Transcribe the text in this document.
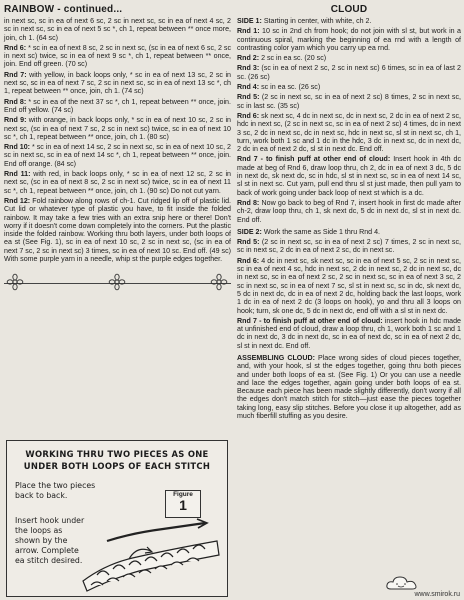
RAINBOW - continued...

in next sc, sc in ea of next 6 sc, 2 sc in next sc, sc in ea of next 4 sc, 2 sc in next sc, sc in ea of next 5 sc *, ch 1, repeat between ** once more, join, ch 1. (64 sc)

Rnd 6: * sc in ea of next 8 sc, 2 sc in next sc, (sc in ea of next 6 sc, 2 sc in next sc) twice, sc in ea of next 9 sc *, ch 1, repeat between ** once, join. End off green. (70 sc)

Rnd 7: with yellow, in back loops only, * sc in ea of next 13 sc, 2 sc in next sc, sc in ea of next 7 sc, 2 sc in next sc, sc in ea of next 13 sc *, ch 1, repeat between ** once, join, ch 1. (74 sc)

Rnd 8: * sc in ea of the next 37 sc *, ch 1, repeat between ** once, join. End off yellow. (74 sc)

Rnd 9: with orange, in back loops only, * sc in ea of next 10 sc, 2 sc in next sc, (sc in ea of next 7 sc, 2 sc in next sc) twice, sc in ea of next 10 sc *, ch 1, repeat between ** once, join, ch 1. (80 sc)

Rnd 10: * sc in ea of next 14 sc, 2 sc in next sc, sc in ea of next 10 sc, 2 sc in next sc, sc in ea of next 14 sc *, ch 1, repeat between ** once, join. End off orange. (84 sc)

Rnd 11: with red, in back loops only, * sc in ea of next 12 sc, 2 sc in next sc, (sc in ea of next 8 sc, 2 sc in next sc) twice, sc in ea of next 11 sc *, ch 1, repeat between ** once, join, ch 1. (90 sc) Do not cut yarn.

Rnd 12: Fold rainbow along rows of ch-1. Cut ridged lip off of plastic lid. Cut lid or whatever type of plastic you have, to fit inside the folded rainbow. It may take a few tries with an extra snip here or there! Don't worry if it doesn't come down completely into the corners. Put the plastic inside the folded rainbow. Working thru both layers, under both loops of ea st (See Fig. 1), sc in ea of next 10 sc, 2 sc in next sc, (sc in ea of next 7 sc, 2 sc in next sc) 3 times, sc in ea of next 10 sc. End off. (49 sc) With some purple yarn in a needle, whip st the purple edges together.

WORKING THRU TWO PIECES AS ONE
UNDER BOTH LOOPS OF EACH STITCH
Place the two pieces back to back.
Insert hook under the loops as shown by the arrow. Complete ea stitch desired.
Figure
1
CLOUD

SIDE 1: Starting in center, with white, ch 2.

Rnd 1: 10 sc in 2nd ch from hook; do not join with sl st, but work in a continuous spiral, marking the beginning of ea rnd with a length of contrasting color yarn which you carry up ea rnd.

Rnd 2: 2 sc in ea sc. (20 sc)

Rnd 3: (sc in ea of next 2 sc, 2 sc in next sc) 6 times, sc in ea of last 2 sc. (26 sc)

Rnd 4: sc in ea sc. (26 sc)

Rnd 5: (2 sc in next sc, sc in ea of next 2 sc) 8 times, 2 sc in next sc, sc in last sc. (35 sc)

Rnd 6: sk next sc, 4 dc in next sc, dc in next sc, 2 dc in ea of next 2 sc, hdc in next sc, (2 sc in next sc, sc in ea of next 2 sc) 4 times, dc in next 3 sc, 2 dc in next sc, dc in next sc, hdc in next sc, sl st in next sc, ch 1, turn, work both 1 sc and 1 dc in the hdc, 3 dc in next sc, dc in next dc, 2 dc in ea of next 2 dc, sl st in next dc. End off.

Rnd 7 - to finish puff at other end of cloud: Insert hook in 4th dc made at beg of Rnd 6, draw loop thru, ch 2, dc in ea of next 3 dc, 5 dc in next dc, sk next dc, sc in hdc, sl st in next sc, sc in ea of next 14 sc, sl st in next sc. Cut yarn, pull end thru sl st just made, then pull yarn to back of work going under back loop of next st which is a dc.

Rnd 8: Now go back to beg of Rnd 7, insert hook in first dc made after ch-2, draw loop thru, ch 1, sk next dc, 5 dc in next dc, sl st in next dc. End off.

SIDE 2: Work the same as Side 1 thru Rnd 4.

Rnd 5: (2 sc in next sc, sc in ea of next 2 sc) 7 times, 2 sc in next sc, sc in next sc, 2 dc in ea of next 2 sc, dc in next sc.

Rnd 6: 4 dc in next sc, sk next sc, sc in ea of next 5 sc, 2 sc in next sc, sc in ea of next 4 sc, hdc in next sc, 2 dc in next sc, 2 dc in next sc, dc in next sc, sc in ea of next 2 sc, 2 sc in next sc, sc in ea of next 3 sc, 2 sc in next sc, sc in ea of next 7 sc, sl st in next sc, sc in dc, sk next dc, 5 dc in next dc, dc in ea of next 2 dc, holding back the last loops, work 1 dc in ea of next 2 dc (3 loops on hook), yo and thru all 3 loops on hook; turn, sk one dc, 5 dc in next dc, end off with a sl st in next dc.

Rnd 7 - to finish puff at other end of cloud: insert hook in hdc made at unfinished end of cloud, draw a loop thru, ch 1, work both 1 sc and 1 dc in next dc, 3 dc in next dc, sc in ea of next dc, sc in ea of next 2 dc, sl st in next dc. End off.

ASSEMBLING CLOUD: Place wrong sides of cloud pieces together, and, with your hook, sl st the edges together, going thru both pieces and under both loops of ea st. (See Fig. 1) Or you can use a needle and lace the edges together, again going under both loops of ea st. Because each piece has been made slightly differently, don't worry if all the edges don't match stitch for stitch—just ease the pieces together taking long, easy slip stitches. Before you close it up altogether, add as much fiberfill stuffing as you desire.

www.smirok.ru
